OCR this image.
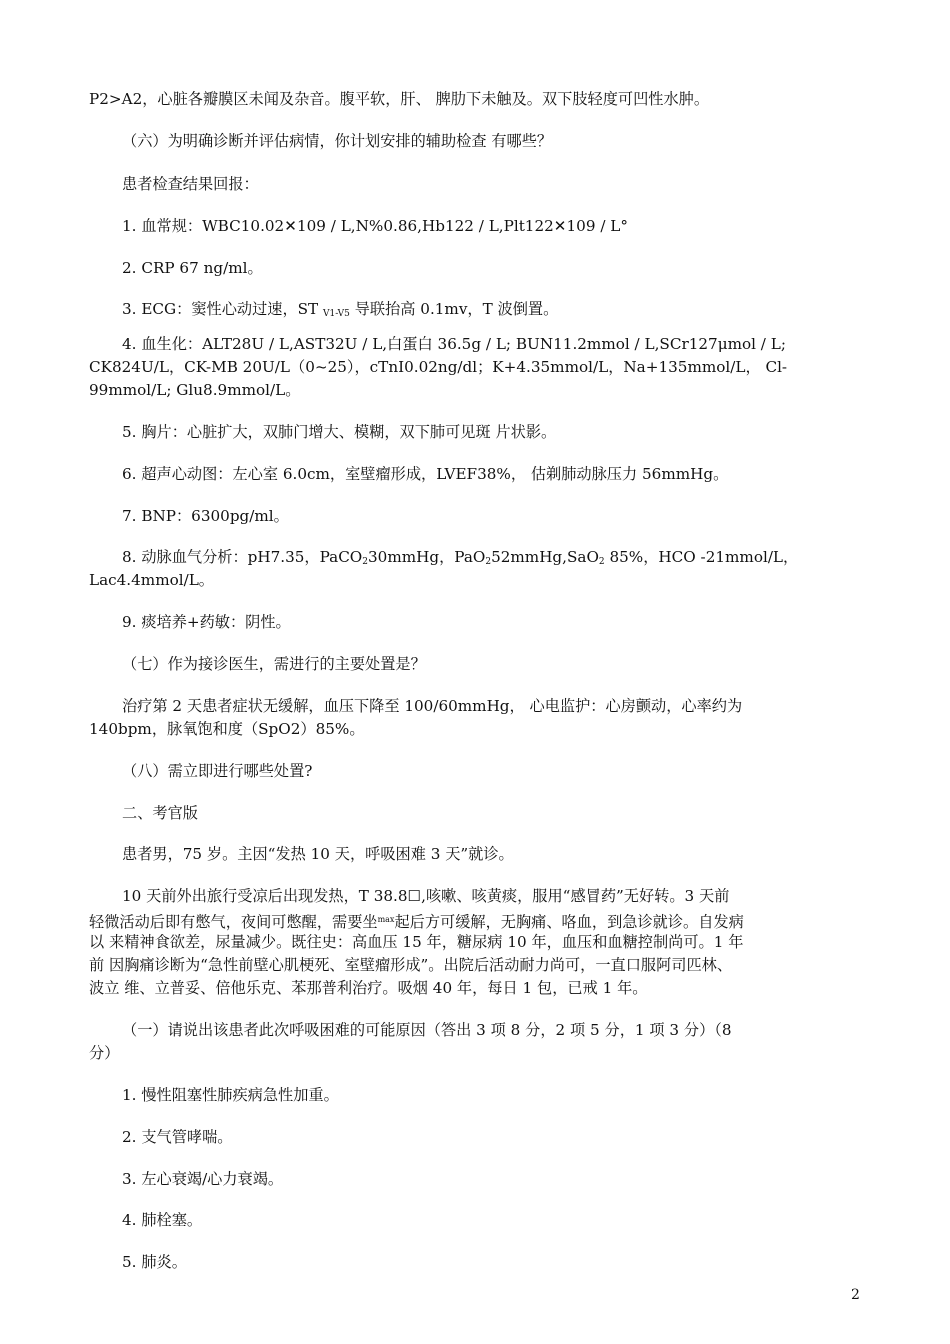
P2>A2，心脏各瓣膜区未闻及杂音。腹平软，肝、 脾肋下未触及。双下肢轻度可凹性水肿。
（六）为明确诊断并评估病情，你计划安排的辅助检查 有哪些？
患者检查结果回报：
1. 血常规：WBC10.02✕109 / L,N%0.86,Hb122 / L,Plt122✕109 / L°
2. CRP 67 ng/ml。
3. ECG：窦性心动过速，ST $_{V1-V5}$ 导联抬高 0.1mv，T 波倒置。
4. 血生化：ALT28U / L,AST32U / L,白蛋白 36.5g / L; BUN11.2mmol / L,SCr127μmol / L;
CK824U/L，CK-MB 20U/L（0~25），cTnI0.02ng/dl；K+4.35mmol/L，Na+135mmol/L， Cl-
99mmol/L; Glu8.9mmol/L。
5. 胸片：心脏扩大，双肺门增大、模糊，双下肺可见斑 片状影。
6. 超声心动图：左心室 6.0cm，室壁瘤形成，LVEF38%， 估剃肺动脉压力 56mmHg。
7. BNP：6300pg/ml。
8. 动脉血气分析：pH7.35，PaCO$_2$30mmHg，PaO$_2$52mmHg,SaO$_2$ 85%，HCO -21mmol/L，
Lac4.4mmol/L。
9. 痰培养+药敏：阴性。
（七）作为接诊医生，需进行的主要处置是？
治疗第 2 天患者症状无缓解，血压下降至 100/60mmHg， 心电监护：心房颤动，心率约为
140bpm，脉氧饱和度（SpO2）85%。
（八）需立即进行哪些处置?
二、考官版
患者男，75 岁。主因“发热 10 天，呼吸困难 3 天”就诊。
10 天前外出旅行受凉后出现发热，T 38.8☐,咳嗽、咳黄痰，服用“感冒药”无好转。3 天前
轻微活动后即有憋气，夜间可憋醒，需要坐$^{max}$起后方可缓解，无胸痛、咯血，到急诊就诊。自发病
以 来精神食欲差，尿量减少。既往史：高血压 15 年，糖尿病 10 年，血压和血糖控制尚可。1 年
前 因胸痛诊断为“急性前壁心肌梗死、室壁瘤形成”。出院后活动耐力尚可，一直口服阿司匹林、
波立 维、立普妥、倍他乐克、苯那普利治疗。吸烟 40 年，每日 1 包，已戒 1 年。
（一）请说出该患者此次呼吸困难的可能原因（答出 3 项 8 分，2 项 5 分，1 项 3 分）（8
分）
1. 慢性阻塞性肺疾病急性加重。
2. 支气管哮喘。
3. 左心衰竭/心力衰竭。
4. 肺栓塞。
5. 肺炎。
2
